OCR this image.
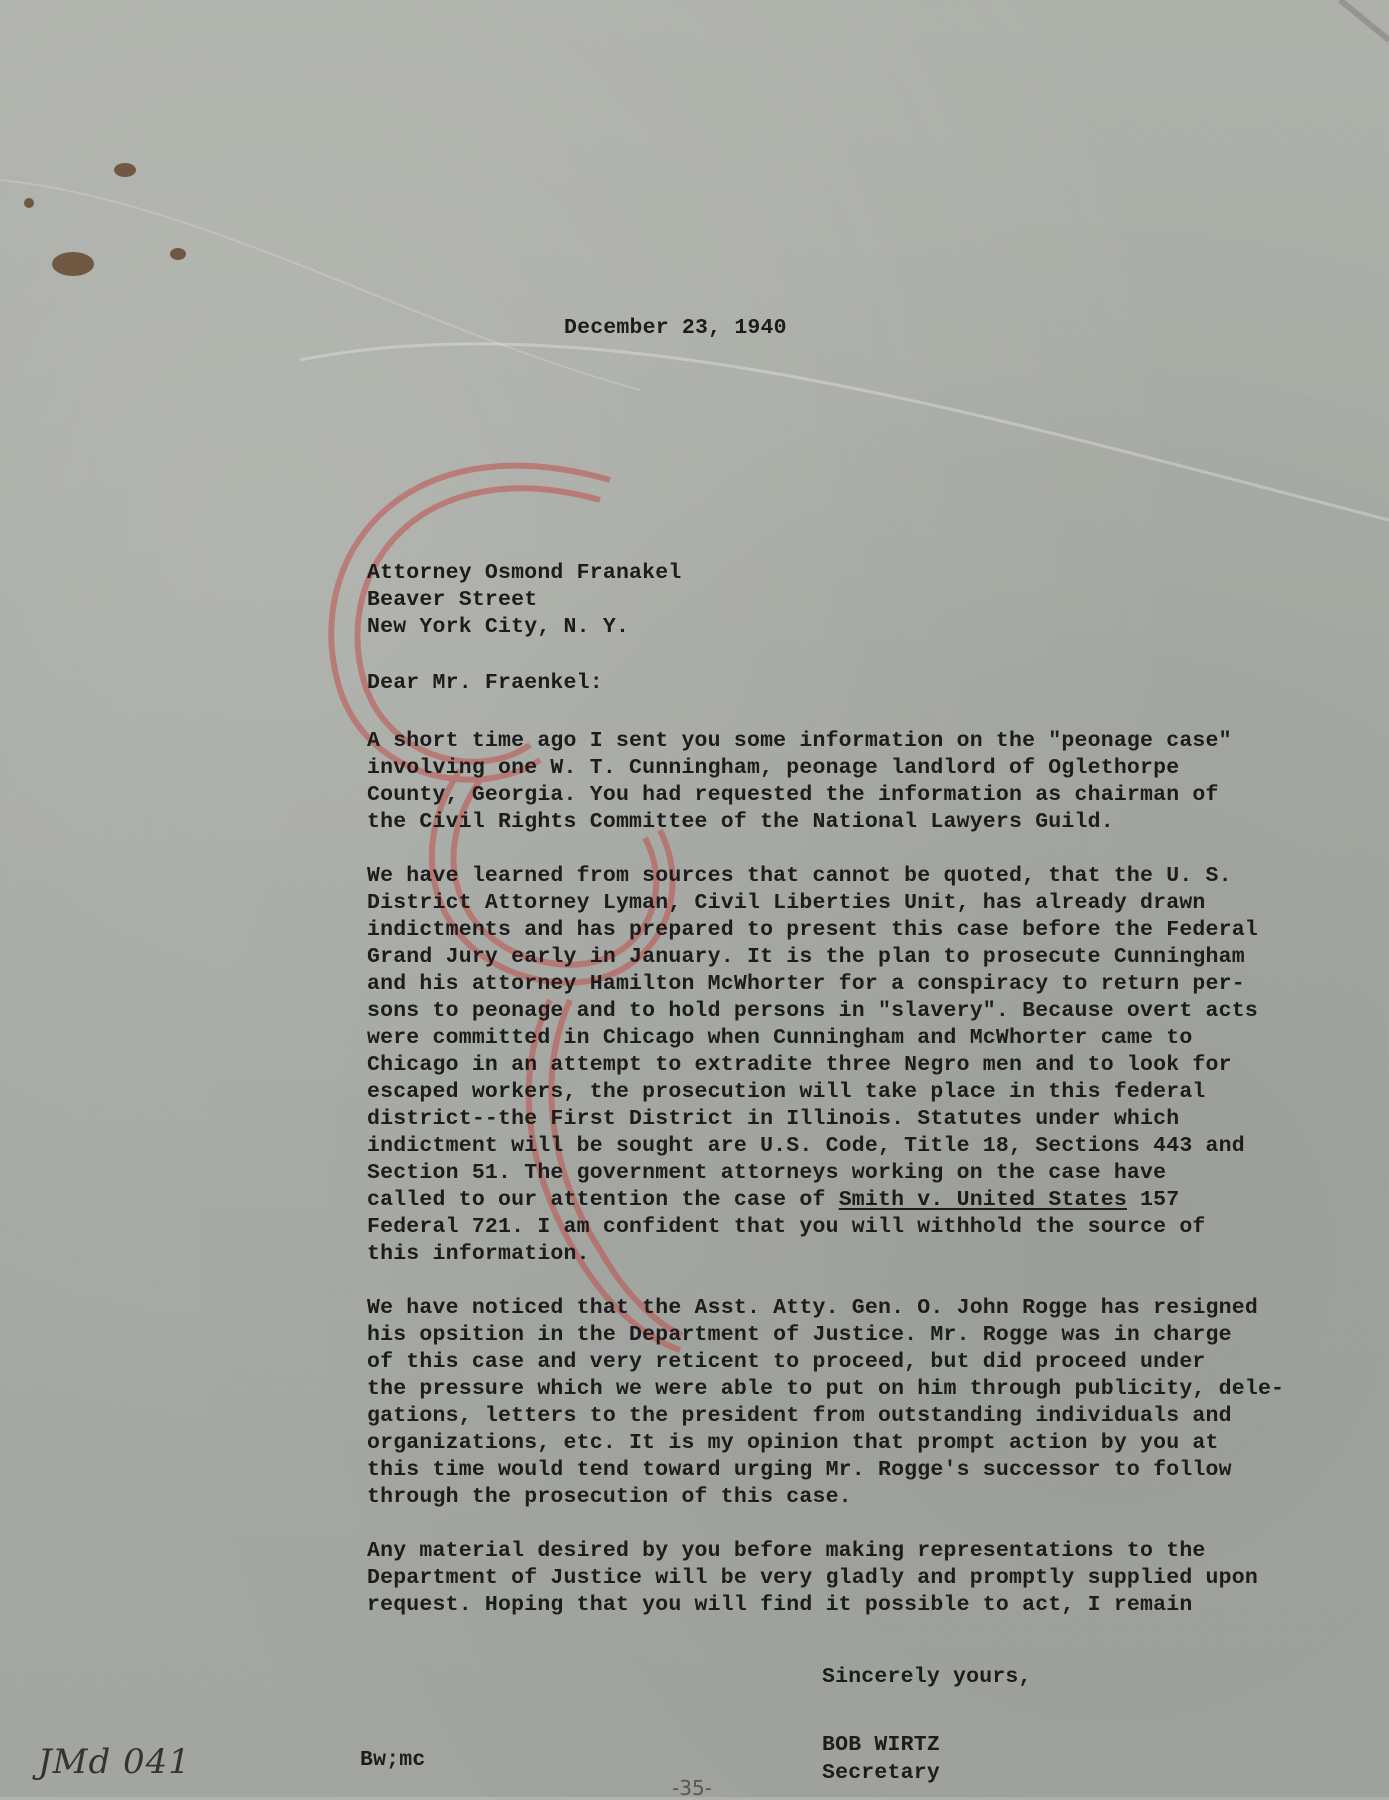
December 23, 1940
Attorney Osmond Franakel
Beaver Street
New York City, N. Y.
Dear Mr. Fraenkel:

A short time ago I sent you some information on the "peonage case"
involving one W. T. Cunningham, peonage landlord of Oglethorpe
County, Georgia. You had requested the information as chairman of
the Civil Rights Committee of the National Lawyers Guild.

We have learned from sources that cannot be quoted, that the U. S.
District Attorney Lyman, Civil Liberties Unit, has already drawn
indictments and has prepared to present this case before the Federal
Grand Jury early in January. It is the plan to prosecute Cunningham
and his attorney Hamilton McWhorter for a conspiracy to return per-
sons to peonage and to hold persons in "slavery". Because overt acts
were committed in Chicago when Cunningham and McWhorter came to
Chicago in an attempt to extradite three Negro men and to look for
escaped workers, the prosecution will take place in this federal
district--the First District in Illinois. Statutes under which
indictment will be sought are U.S. Code, Title 18, Sections 443 and
Section 51. The government attorneys working on the case have
called to our attention the case of Smith v. United States 157
Federal 721. I am confident that you will withhold the source of
this information.

We have noticed that the Asst. Atty. Gen. O. John Rogge has resigned
his opsition in the Department of Justice. Mr. Rogge was in charge
of this case and very reticent to proceed, but did proceed under
the pressure which we were able to put on him through publicity, dele-
gations, letters to the president from outstanding individuals and
organizations, etc. It is my opinion that prompt action by you at
this time would tend toward urging Mr. Rogge's successor to follow
through the prosecution of this case.

Any material desired by you before making representations to the
Department of Justice will be very gladly and promptly supplied upon
request. Hoping that you will find it possible to act, I remain

Sincerely yours,
BOB WIRTZ
Secretary
Bw;mc
JMd 041
-35-
